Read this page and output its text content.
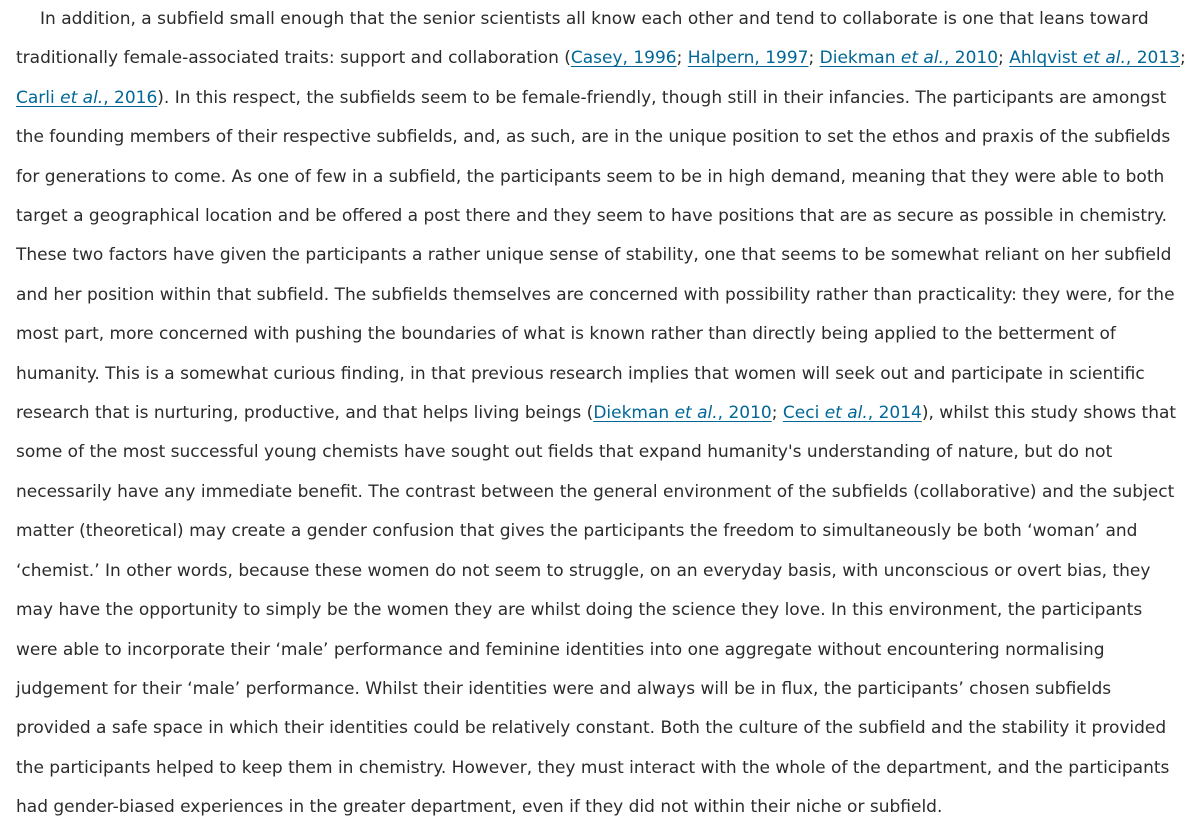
In addition, a subfield small enough that the senior scientists all know each other and tend to collaborate is one that leans toward traditionally female-associated traits: support and collaboration (Casey, 1996; Halpern, 1997; Diekman et al., 2010; Ahlqvist et al., 2013; Carli et al., 2016). In this respect, the subfields seem to be female-friendly, though still in their infancies. The participants are amongst the founding members of their respective subfields, and, as such, are in the unique position to set the ethos and praxis of the subfields for generations to come. As one of few in a subfield, the participants seem to be in high demand, meaning that they were able to both target a geographical location and be offered a post there and they seem to have positions that are as secure as possible in chemistry. These two factors have given the participants a rather unique sense of stability, one that seems to be somewhat reliant on her subfield and her position within that subfield. The subfields themselves are concerned with possibility rather than practicality: they were, for the most part, more concerned with pushing the boundaries of what is known rather than directly being applied to the betterment of humanity. This is a somewhat curious finding, in that previous research implies that women will seek out and participate in scientific research that is nurturing, productive, and that helps living beings (Diekman et al., 2010; Ceci et al., 2014), whilst this study shows that some of the most successful young chemists have sought out fields that expand humanity's understanding of nature, but do not necessarily have any immediate benefit. The contrast between the general environment of the subfields (collaborative) and the subject matter (theoretical) may create a gender confusion that gives the participants the freedom to simultaneously be both ‘woman’ and ‘chemist.’ In other words, because these women do not seem to struggle, on an everyday basis, with unconscious or overt bias, they may have the opportunity to simply be the women they are whilst doing the science they love. In this environment, the participants were able to incorporate their ‘male’ performance and feminine identities into one aggregate without encountering normalising judgement for their ‘male’ performance. Whilst their identities were and always will be in flux, the participants’ chosen subfields provided a safe space in which their identities could be relatively constant. Both the culture of the subfield and the stability it provided the participants helped to keep them in chemistry. However, they must interact with the whole of the department, and the participants had gender-biased experiences in the greater department, even if they did not within their niche or subfield.
